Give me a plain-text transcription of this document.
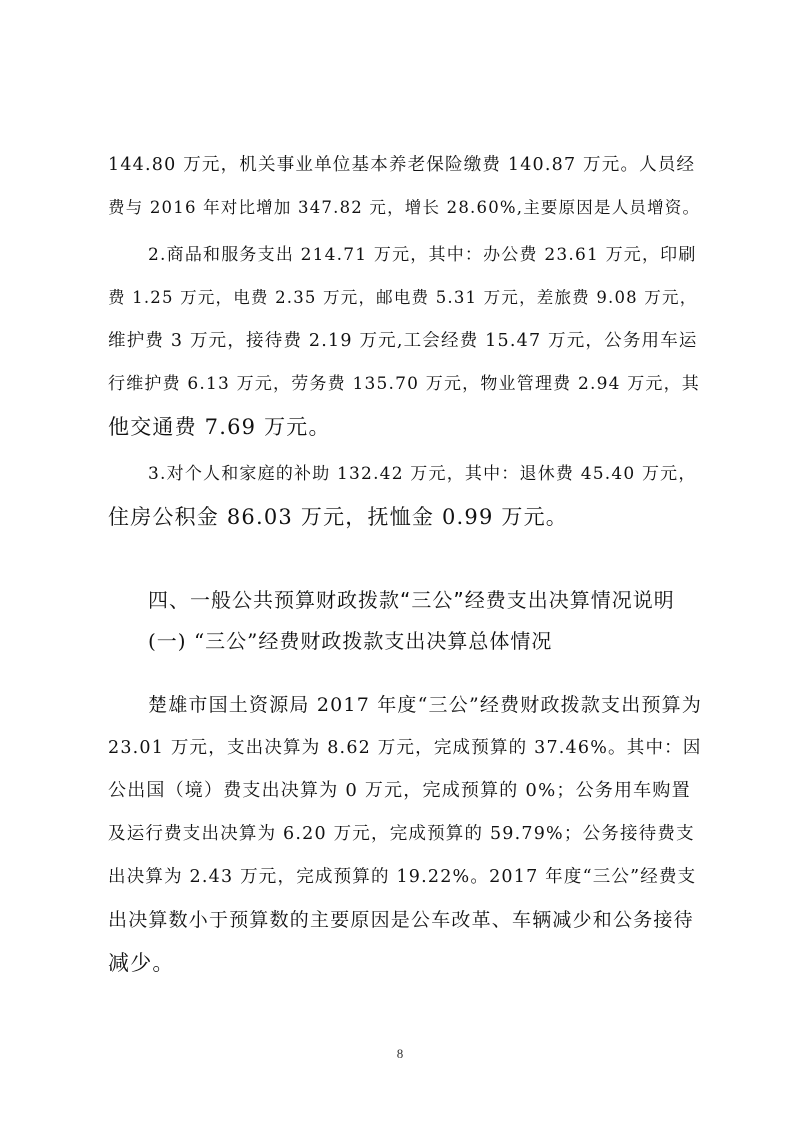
144.80 万元，机关事业单位基本养老保险缴费 140.87 万元。人员经
费与 2016 年对比增加 347.82 元，增长 28.60%,主要原因是人员增资。
2.商品和服务支出 214.71 万元，其中：办公费 23.61 万元，印刷
费 1.25 万元，电费 2.35 万元，邮电费 5.31 万元，差旅费 9.08 万元，
维护费 3 万元，接待费 2.19 万元,工会经费 15.47 万元，公务用车运
行维护费 6.13 万元，劳务费 135.70 万元，物业管理费 2.94 万元，其
他交通费 7.69 万元。
3.对个人和家庭的补助 132.42 万元，其中：退休费 45.40 万元，
住房公积金 86.03 万元，抚恤金 0.99 万元。
四、一般公共预算财政拨款“三公”经费支出决算情况说明
(一) “三公”经费财政拨款支出决算总体情况
楚雄市国土资源局 2017 年度“三公”经费财政拨款支出预算为
23.01 万元，支出决算为 8.62 万元，完成预算的 37.46%。其中：因
公出国（境）费支出决算为 0 万元，完成预算的 0%；公务用车购置
及运行费支出决算为 6.20 万元，完成预算的 59.79%；公务接待费支
出决算为 2.43 万元，完成预算的 19.22%。2017 年度“三公”经费支
出决算数小于预算数的主要原因是公车改革、车辆减少和公务接待
减少。
8
